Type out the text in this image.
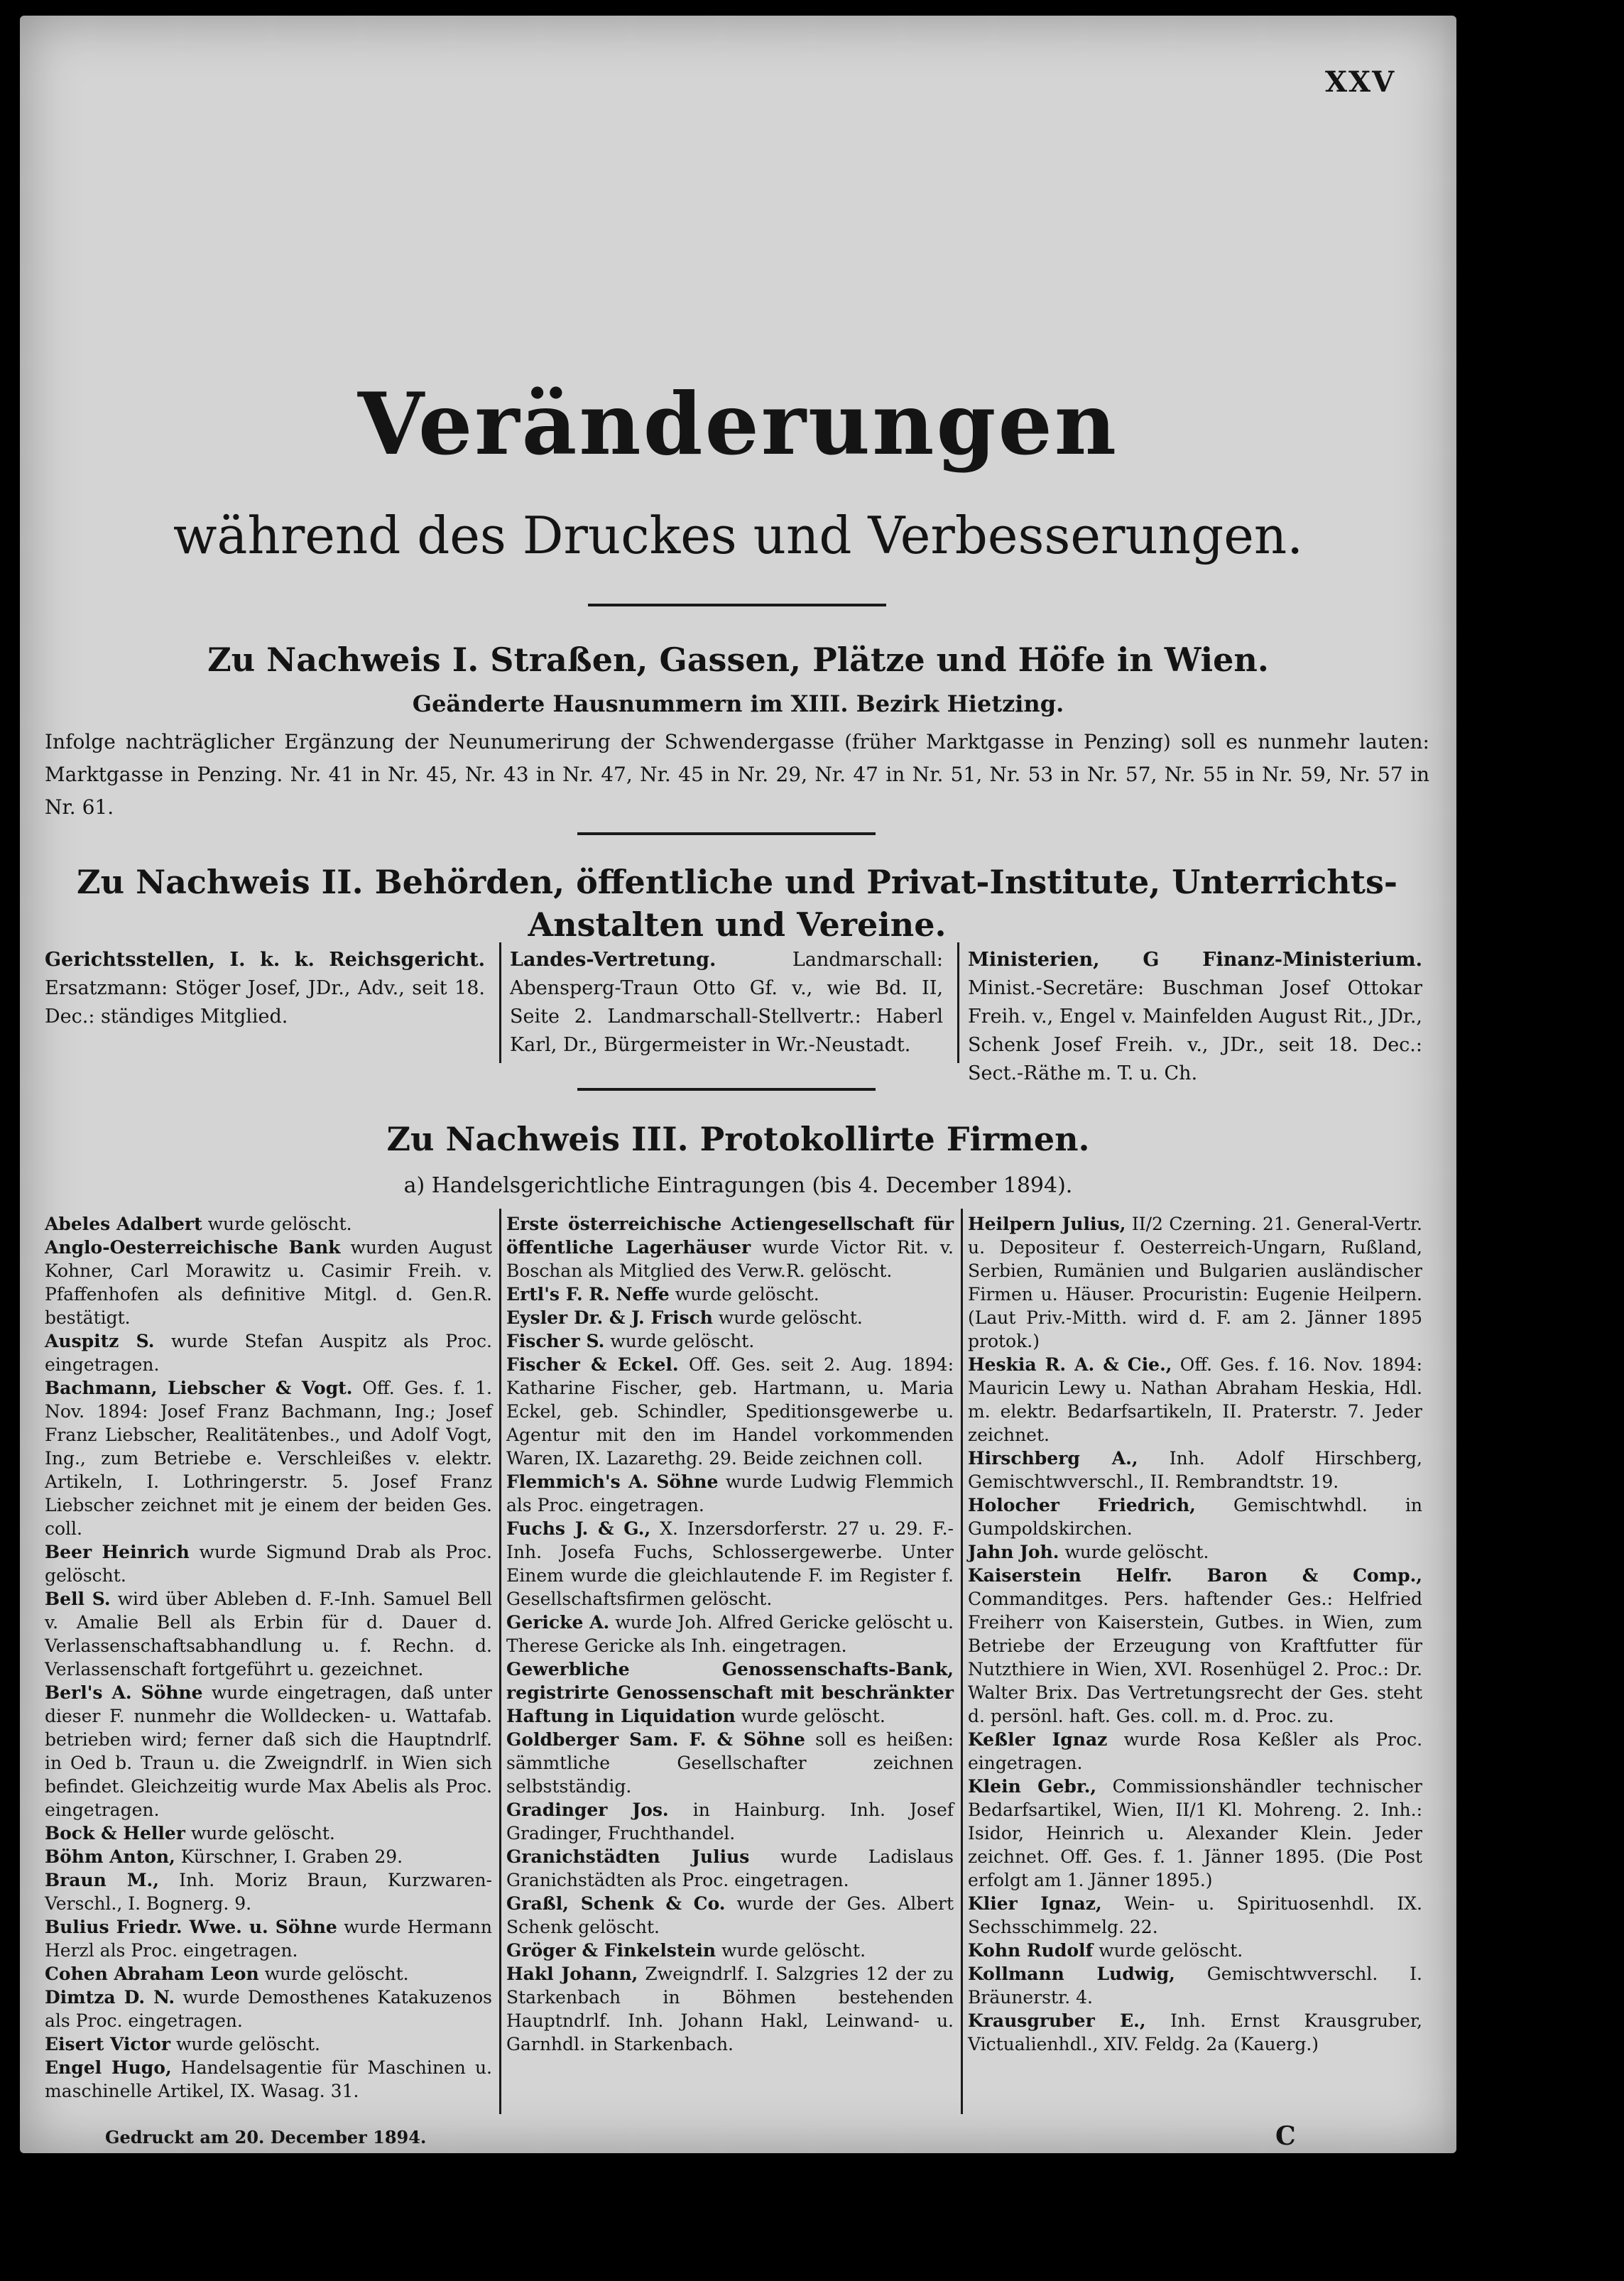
XXV
Veränderungen
während des Druckes und Verbesserungen.
Zu Nachweis I. Straßen, Gassen, Plätze und Höfe in Wien.
Geänderte Hausnummern im XIII. Bezirk Hietzing.

Infolge nachträglicher Ergänzung der Neunumerirung der Schwendergasse (früher Marktgasse in Penzing) soll es nunmehr lauten: Marktgasse in Penzing. Nr. 41 in Nr. 45, Nr. 43 in Nr. 47, Nr. 45 in Nr. 29, Nr. 47 in Nr. 51, Nr. 53 in Nr. 57, Nr. 55 in Nr. 59, Nr. 57 in Nr. 61.

Zu Nachweis II. Behörden, öffentliche und Privat-Institute, Unterrichts-Anstalten und Vereine.

Gerichtsstellen, I. k. k. Reichsgericht. Ersatzmann: Stöger Josef, JDr., Adv., seit 18. Dec.: ständiges Mitglied.

Landes-Vertretung.	Landmarschall: Abensperg-Traun Otto Gf. v., wie Bd. II, Seite 2. Landmarschall-Stellvertr.: Haberl Karl, Dr., Bürgermeister in Wr.-Neustadt.

Ministerien, G Finanz-Ministerium. Minist.-Secretäre: Buschman Josef Ottokar Freih. v., Engel v. Mainfelden August Rit., JDr., Schenk Josef Freih. v., JDr., seit 18. Dec.: Sect.-Räthe m. T. u. Ch.

Zu Nachweis III. Protokollirte Firmen.
a) Handelsgerichtliche Eintragungen (bis 4. December 1894).

Abeles Adalbert wurde gelöscht.

Anglo-Oesterreichische Bank wurden August Kohner, Carl Morawitz u. Casimir Freih. v. Pfaffenhofen als definitive Mitgl. d. Gen.R. bestätigt.

Auspitz S. wurde Stefan Auspitz als Proc. eingetragen.

Bachmann, Liebscher & Vogt. Off. Ges. f. 1. Nov. 1894: Josef Franz Bachmann, Ing.; Josef Franz Liebscher, Realitätenbes., und Adolf Vogt, Ing., zum Betriebe e. Verschleißes v. elektr. Artikeln, I. Lothringerstr. 5. Josef Franz Liebscher zeichnet mit je einem der beiden Ges. coll.

Beer Heinrich wurde Sigmund Drab als Proc. gelöscht.

Bell S. wird über Ableben d. F.-Inh. Samuel Bell v. Amalie Bell als Erbin für d. Dauer d. Verlassenschaftsabhandlung u. f. Rechn. d. Verlassenschaft fortgeführt u. gezeichnet.

Berl's A. Söhne wurde eingetragen, daß unter dieser F. nunmehr die Wolldecken- u. Wattafab. betrieben wird; ferner daß sich die Hauptndrlf. in Oed b. Traun u. die Zweigndrlf. in Wien sich befindet. Gleichzeitig wurde Max Abelis als Proc. eingetragen.

Bock & Heller wurde gelöscht.

Böhm Anton, Kürschner, I. Graben 29.

Braun M., Inh. Moriz Braun, Kurzwaren-Verschl., I. Bognerg. 9.

Bulius Friedr. Wwe. u. Söhne wurde Hermann Herzl als Proc. eingetragen.

Cohen Abraham Leon wurde gelöscht.

Dimtza D. N. wurde Demosthenes Katakuzenos als Proc. eingetragen.

Eisert Victor wurde gelöscht.

Engel Hugo, Handelsagentie für Maschinen u. maschinelle Artikel, IX. Wasag. 31.

Erste österreichische Actiengesellschaft für öffentliche Lagerhäuser wurde Victor Rit. v. Boschan als Mitglied des Verw.R. gelöscht.

Ertl's F. R. Neffe wurde gelöscht.

Eysler Dr. & J. Frisch wurde gelöscht.

Fischer S. wurde gelöscht.

Fischer & Eckel. Off. Ges. seit 2. Aug. 1894: Katharine Fischer, geb. Hartmann, u. Maria Eckel, geb. Schindler, Speditionsgewerbe u. Agentur mit den im Handel vorkommenden Waren, IX. Lazarethg. 29. Beide zeichnen coll.

Flemmich's A. Söhne wurde Ludwig Flemmich als Proc. eingetragen.

Fuchs J. & G., X. Inzersdorferstr. 27 u. 29. F.-Inh. Josefa Fuchs, Schlossergewerbe. Unter Einem wurde die gleichlautende F. im Register f. Gesellschaftsfirmen gelöscht.

Gericke A. wurde Joh. Alfred Gericke gelöscht u. Therese Gericke als Inh. eingetragen.

Gewerbliche Genossenschafts-Bank, registrirte Genossenschaft mit beschränkter Haftung in Liquidation wurde gelöscht.

Goldberger Sam. F. & Söhne soll es heißen: sämmtliche Gesellschafter zeichnen selbstständig.

Gradinger Jos. in Hainburg. Inh. Josef Gradinger, Fruchthandel.

Granichstädten Julius wurde Ladislaus Granichstädten als Proc. eingetragen.

Graßl, Schenk & Co. wurde der Ges. Albert Schenk gelöscht.

Gröger & Finkelstein wurde gelöscht.

Hakl Johann, Zweigndrlf. I. Salzgries 12 der zu Starkenbach in Böhmen bestehenden Hauptndrlf. Inh. Johann Hakl, Leinwand- u. Garnhdl. in Starkenbach.

Heilpern Julius, II/2 Czerning. 21. General-Vertr. u. Depositeur f. Oesterreich-Ungarn, Rußland, Serbien, Rumänien und Bulgarien ausländischer Firmen u. Häuser. Procuristin: Eugenie Heilpern. (Laut Priv.-Mitth. wird d. F. am 2. Jänner 1895 protok.)

Heskia R. A. & Cie., Off. Ges. f. 16. Nov. 1894: Mauricin Lewy u. Nathan Abraham Heskia, Hdl. m. elektr. Bedarfsartikeln, II. Praterstr. 7. Jeder zeichnet.

Hirschberg A., Inh. Adolf Hirschberg, Gemischtwverschl., II. Rembrandtstr. 19.

Holocher Friedrich, Gemischtwhdl. in Gumpoldskirchen.

Jahn Joh. wurde gelöscht.

Kaiserstein Helfr. Baron & Comp., Commanditges. Pers. haftender Ges.: Helfried Freiherr von Kaiserstein, Gutbes. in Wien, zum Betriebe der Erzeugung von Kraftfutter für Nutzthiere in Wien, XVI. Rosenhügel 2. Proc.: Dr. Walter Brix. Das Vertretungsrecht der Ges. steht d. persönl. haft. Ges. coll. m. d. Proc. zu.

Keßler Ignaz wurde Rosa Keßler als Proc. eingetragen.

Klein Gebr., Commissionshändler technischer Bedarfsartikel, Wien, II/1 Kl. Mohreng. 2. Inh.: Isidor, Heinrich u. Alexander Klein. Jeder zeichnet. Off. Ges. f. 1. Jänner 1895. (Die Post erfolgt am 1. Jänner 1895.)

Klier Ignaz, Wein- u. Spirituosenhdl. IX. Sechsschimmelg. 22.

Kohn Rudolf wurde gelöscht.

Kollmann Ludwig, Gemischtwverschl. I. Bräunerstr. 4.

Krausgruber E., Inh. Ernst Krausgruber, Victualienhdl., XIV. Feldg. 2a (Kauerg.)

Gedruckt am 20. December 1894.	C
